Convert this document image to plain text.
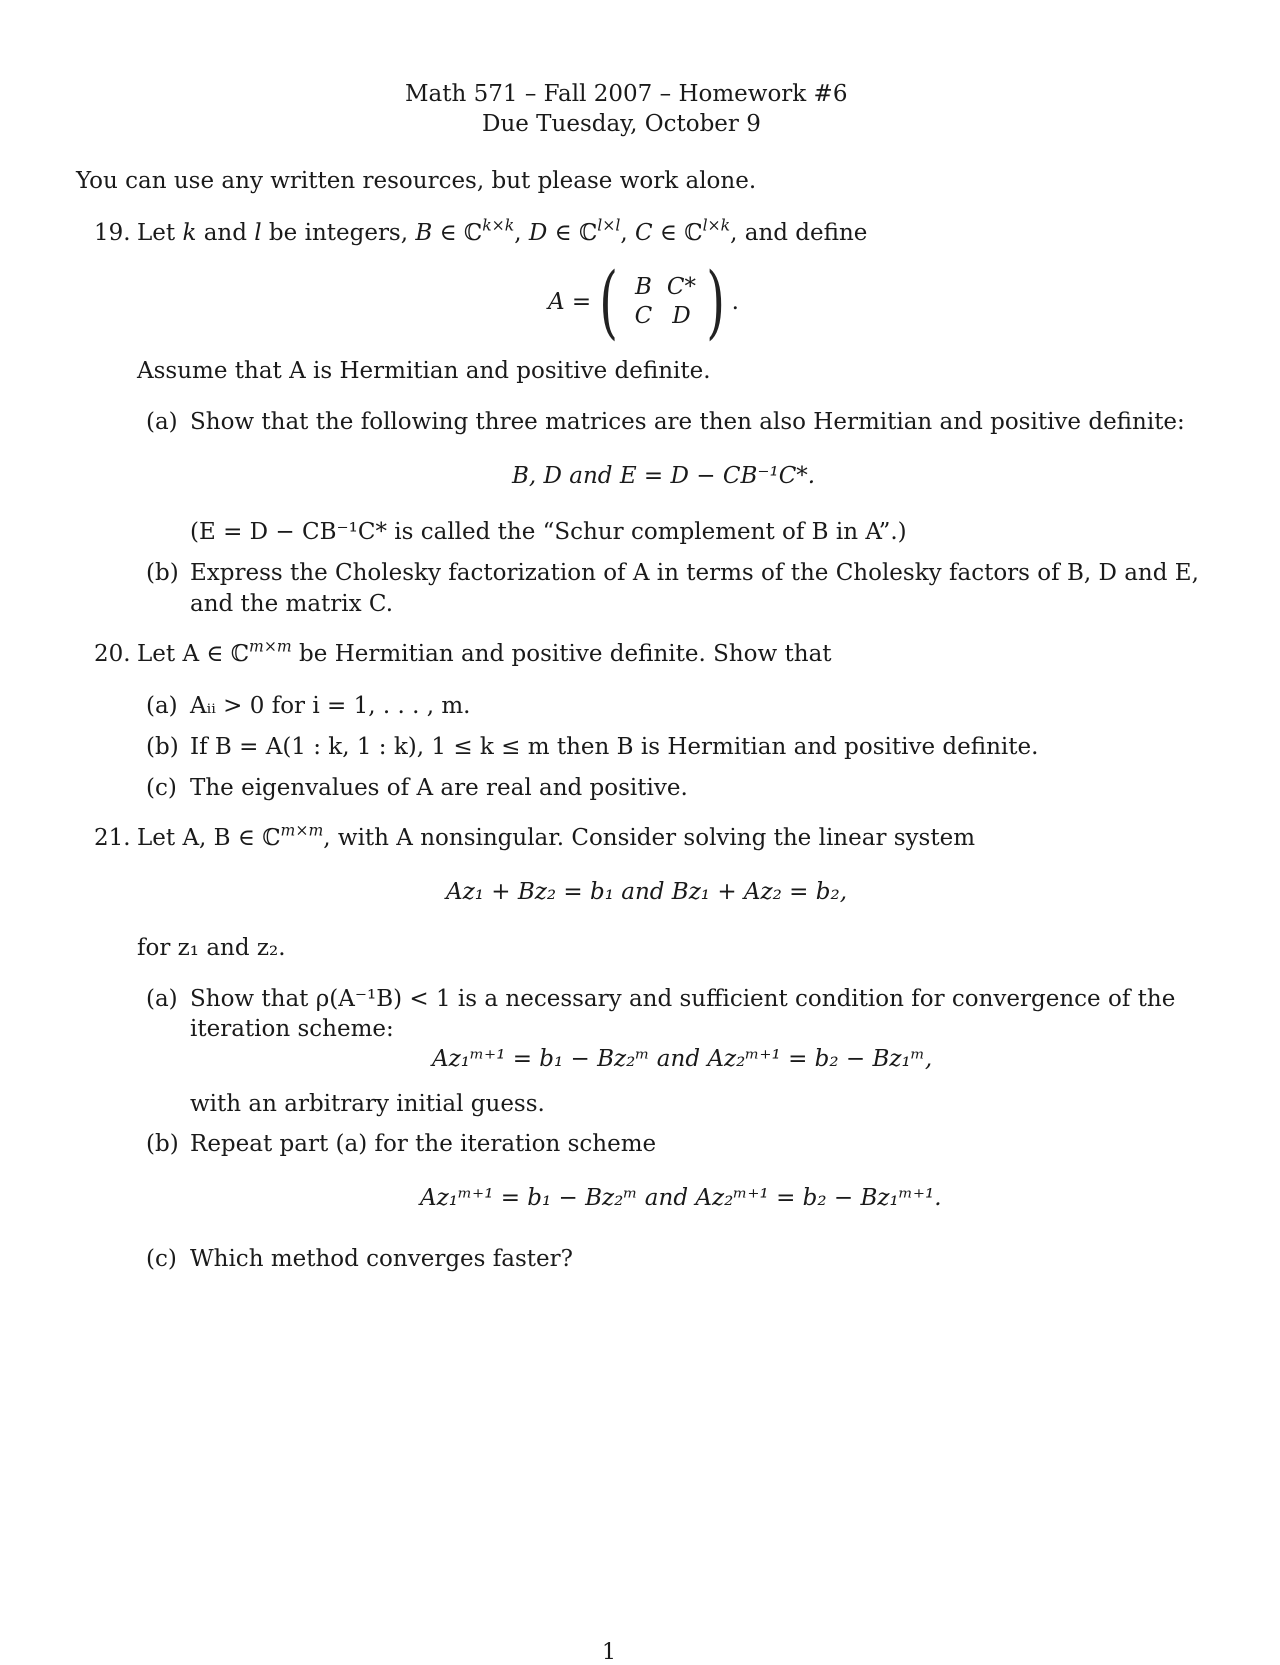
Math 571 – Fall 2007 – Homework #6
Due Tuesday, October 9
You can use any written resources, but please work alone.
19. Let k and l be integers, B ∈ ℂ$^{k\times k}$, D ∈ ℂ$^{l\times l}$, C ∈ ℂ$^{l\times k}$, and define
A = ( B C*
C D ) .
Assume that A is Hermitian and positive definite.
(a) Show that the following three matrices are then also Hermitian and positive definite:
B, D and E = D − CB⁻¹C*.
(E = D − CB⁻¹C* is called the “Schur complement of B in A”.)
(b) Express the Cholesky factorization of A in terms of the Cholesky factors of B, D and E,
and the matrix C.
20. Let A ∈ ℂ$^{m\times m}$ be Hermitian and positive definite. Show that
(a) Aᵢᵢ > 0 for i = 1, . . . , m.
(b) If B = A(1 : k, 1 : k), 1 ≤ k ≤ m then B is Hermitian and positive definite.
(c) The eigenvalues of A are real and positive.
21. Let A, B ∈ ℂ$^{m\times m}$, with A nonsingular. Consider solving the linear system
Az₁ + Bz₂ = b₁ and Bz₁ + Az₂ = b₂,
for z₁ and z₂.
(a) Show that ρ(A⁻¹B) < 1 is a necessary and sufficient condition for convergence of the
iteration scheme:
Az₁ᵐ⁺¹ = b₁ − Bz₂ᵐ and Az₂ᵐ⁺¹ = b₂ − Bz₁ᵐ,
with an arbitrary initial guess.
(b) Repeat part (a) for the iteration scheme
Az₁ᵐ⁺¹ = b₁ − Bz₂ᵐ and Az₂ᵐ⁺¹ = b₂ − Bz₁ᵐ⁺¹.
(c) Which method converges faster?
1
